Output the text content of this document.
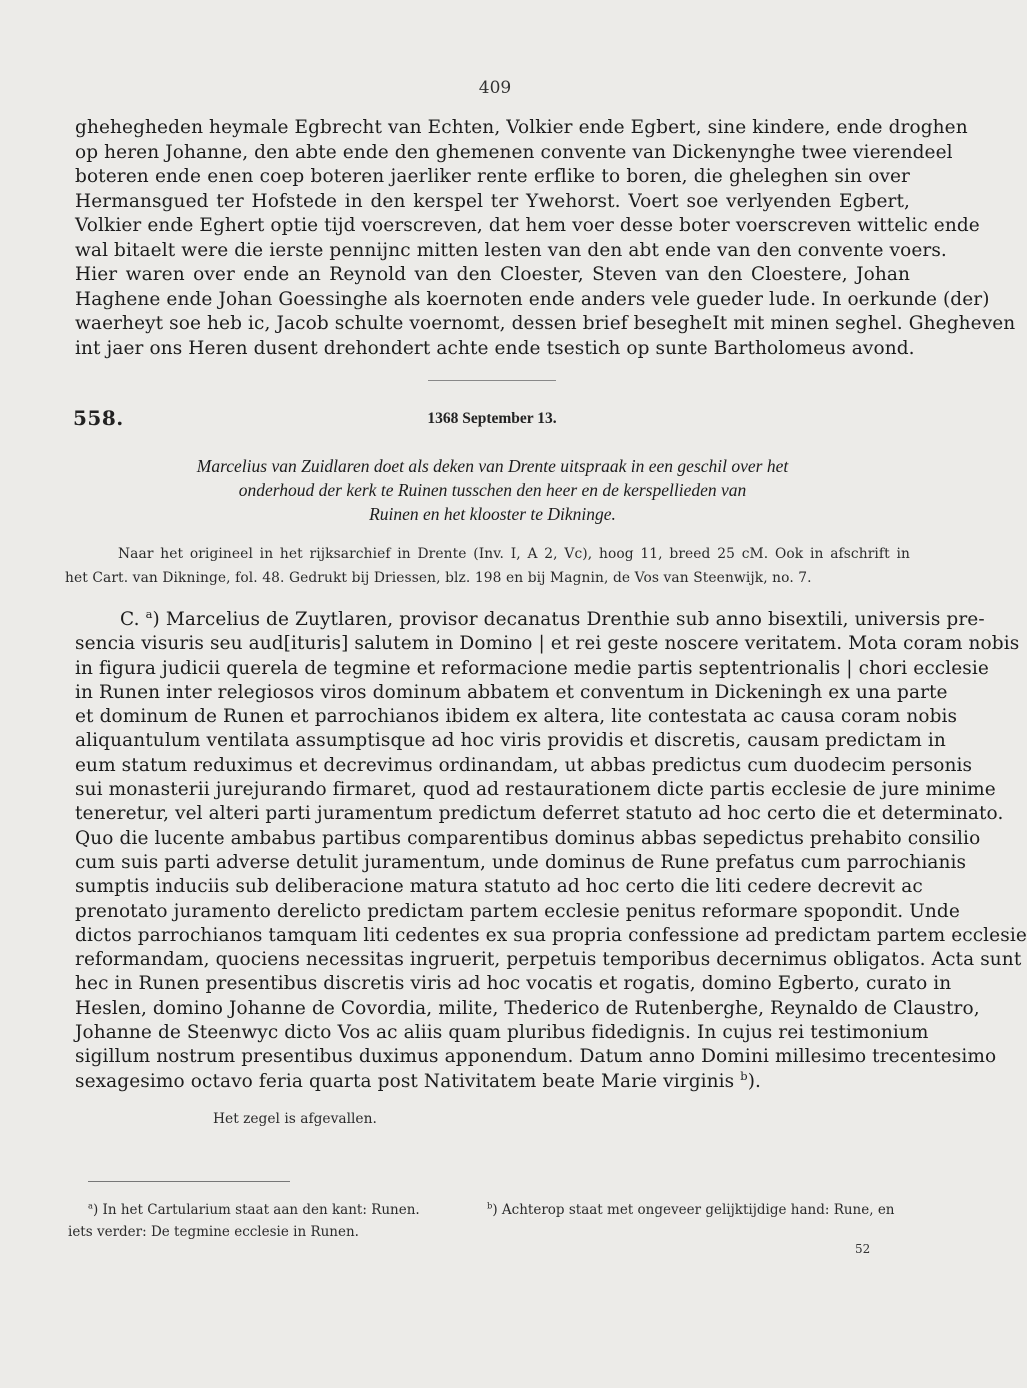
409
ghehegheden heymale Egbrecht van Echten, Volkier ende Egbert, sine kindere, ende droghen
op heren Johanne, den abte ende den ghemenen convente van Dickenynghe twee vierendeel
boteren ende enen coep boteren jaerliker rente erflike to boren, die gheleghen sin over
Hermansgued ter Hofstede in den kerspel ter Ywehorst. Voert soe verlyenden Egbert,
Volkier ende Eghert optie tijd voerscreven, dat hem voer desse boter voerscreven wittelic ende
wal bitaelt were die ierste pennijnc mitten lesten van den abt ende van den convente voers.
Hier waren over ende an Reynold van den Cloester, Steven van den Cloestere, Johan
Haghene ende Johan Goessinghe als koernoten ende anders vele gueder lude. In oerkunde (der)
waerheyt soe heb ic, Jacob schulte voernomt, dessen brief besegheIt mit minen seghel. Ghegheven
int jaer ons Heren dusent drehondert achte ende tsestich op sunte Bartholomeus avond.
558.	1368 September 13.
Marcelius van Zuidlaren doet als deken van Drente uitspraak in een geschil over het
onderhoud der kerk te Ruinen tusschen den heer en de kerspellieden van
Ruinen en het klooster te Dikninge.
Naar het origineel in het rijksarchief in Drente (Inv. I, A 2, Vc), hoog 11, breed 25 cM. Ook in afschrift in
het Cart. van Dikninge, fol. 48. Gedrukt bij Driessen, blz. 198 en bij Magnin, de Vos van Steenwijk, no. 7.
C. $^a$) Marcelius de Zuytlaren, provisor decanatus Drenthie sub anno bisextili, universis pre-
sencia visuris seu aud[ituris] salutem in Domino | et rei geste noscere veritatem. Mota coram nobis
in figura judicii querela de tegmine et reformacione medie partis septentrionalis | chori ecclesie
in Runen inter relegiosos viros dominum abbatem et conventum in Dickeningh ex una parte
et dominum de Runen et parrochianos ibidem ex altera, lite contestata ac causa coram nobis
aliquantulum ventilata assumptisque ad hoc viris providis et discretis, causam predictam in
eum statum reduximus et decrevimus ordinandam, ut abbas predictus cum duodecim personis
sui monasterii jurejurando firmaret, quod ad restaurationem dicte partis ecclesie de jure minime
teneretur, vel alteri parti juramentum predictum deferret statuto ad hoc certo die et determinato.
Quo die lucente ambabus partibus comparentibus dominus abbas sepedictus prehabito consilio
cum suis parti adverse detulit juramentum, unde dominus de Rune prefatus cum parrochianis
sumptis induciis sub deliberacione matura statuto ad hoc certo die liti cedere decrevit ac
prenotato juramento derelicto predictam partem ecclesie penitus reformare spopondit. Unde
dictos parrochianos tamquam liti cedentes ex sua propria confessione ad predictam partem ecclesie
reformandam, quociens necessitas ingruerit, perpetuis temporibus decernimus obligatos. Acta sunt
hec in Runen presentibus discretis viris ad hoc vocatis et rogatis, domino Egberto, curato in
Heslen, domino Johanne de Covordia, milite, Thederico de Rutenberghe, Reynaldo de Claustro,
Johanne de Steenwyc dicto Vos ac aliis quam pluribus fidedignis. In cujus rei testimonium
sigillum nostrum presentibus duximus apponendum. Datum anno Domini millesimo trecentesimo
sexagesimo octavo feria quarta post Nativitatem beate Marie virginis $^b$).
Het zegel is afgevallen.
$^a$) In het Cartularium staat aan den kant: Runen.	$^b$) Achterop staat met ongeveer gelijktijdige hand: Rune, en
iets verder: De tegmine ecclesie in Runen.
52
